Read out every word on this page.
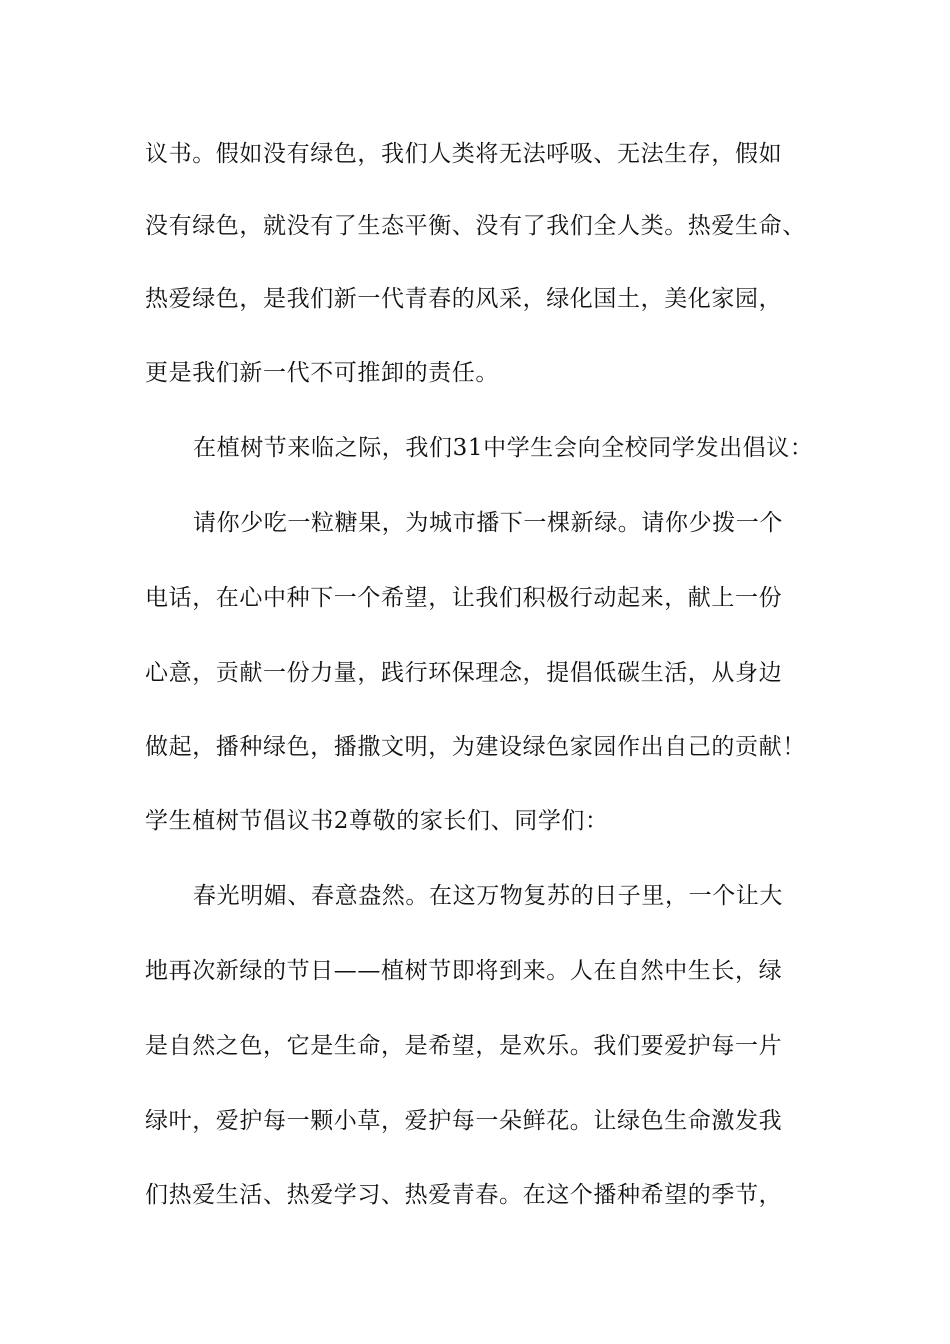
议书。假如没有绿色，我们人类将无法呼吸、无法生存，假如
没有绿色，就没有了生态平衡、没有了我们全人类。热爱生命、
热爱绿色，是我们新一代青春的风采，绿化国土，美化家园，
更是我们新一代不可推卸的责任。
在植树节来临之际，我们31中学生会向全校同学发出倡议：
请你少吃一粒糖果，为城市播下一棵新绿。请你少拨一个
电话，在心中种下一个希望，让我们积极行动起来，献上一份
心意，贡献一份力量，践行环保理念，提倡低碳生活，从身边
做起，播种绿色，播撒文明，为建设绿色家园作出自己的贡献！
学生植树节倡议书2尊敬的家长们、同学们：
春光明媚、春意盎然。在这万物复苏的日子里，一个让大
地再次新绿的节日——植树节即将到来。人在自然中生长，绿
是自然之色，它是生命，是希望，是欢乐。我们要爱护每一片
绿叶，爱护每一颗小草，爱护每一朵鲜花。让绿色生命激发我
们热爱生活、热爱学习、热爱青春。在这个播种希望的季节，
